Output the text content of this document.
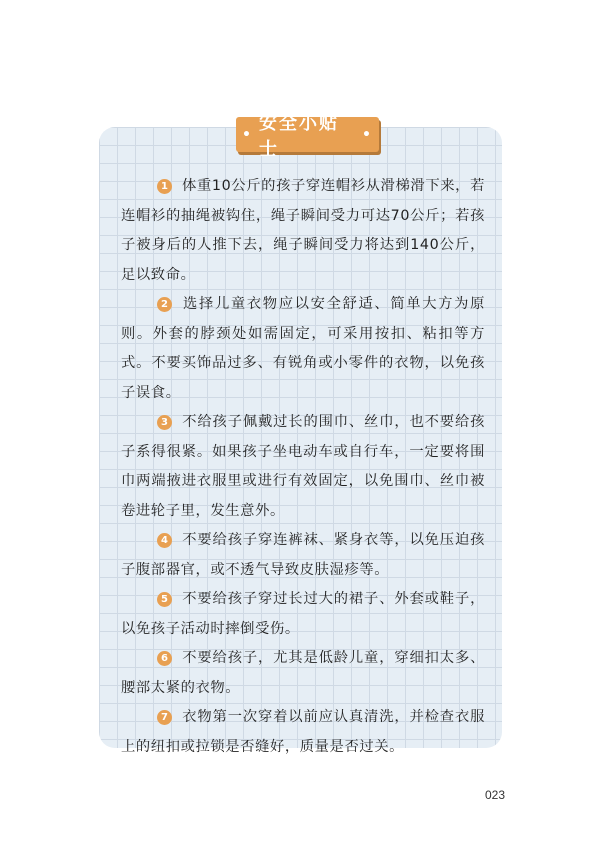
•
安全小贴士
•

1 体重10公斤的孩子穿连帽衫从滑梯滑下来，若连帽衫的抽绳被钩住，绳子瞬间受力可达70公斤；若孩子被身后的人推下去，绳子瞬间受力将达到140公斤，足以致命。

2 选择儿童衣物应以安全舒适、简单大方为原则。外套的脖颈处如需固定，可采用按扣、粘扣等方式。不要买饰品过多、有锐角或小零件的衣物，以免孩子误食。

3 不给孩子佩戴过长的围巾、丝巾，也不要给孩子系得很紧。如果孩子坐电动车或自行车，一定要将围巾两端掖进衣服里或进行有效固定，以免围巾、丝巾被卷进轮子里，发生意外。

4 不要给孩子穿连裤袜、紧身衣等，以免压迫孩子腹部器官，或不透气导致皮肤湿疹等。

5 不要给孩子穿过长过大的裙子、外套或鞋子，以免孩子活动时摔倒受伤。

6 不要给孩子，尤其是低龄儿童，穿细扣太多、腰部太紧的衣物。

7 衣物第一次穿着以前应认真清洗，并检查衣服上的纽扣或拉锁是否缝好，质量是否过关。

023
